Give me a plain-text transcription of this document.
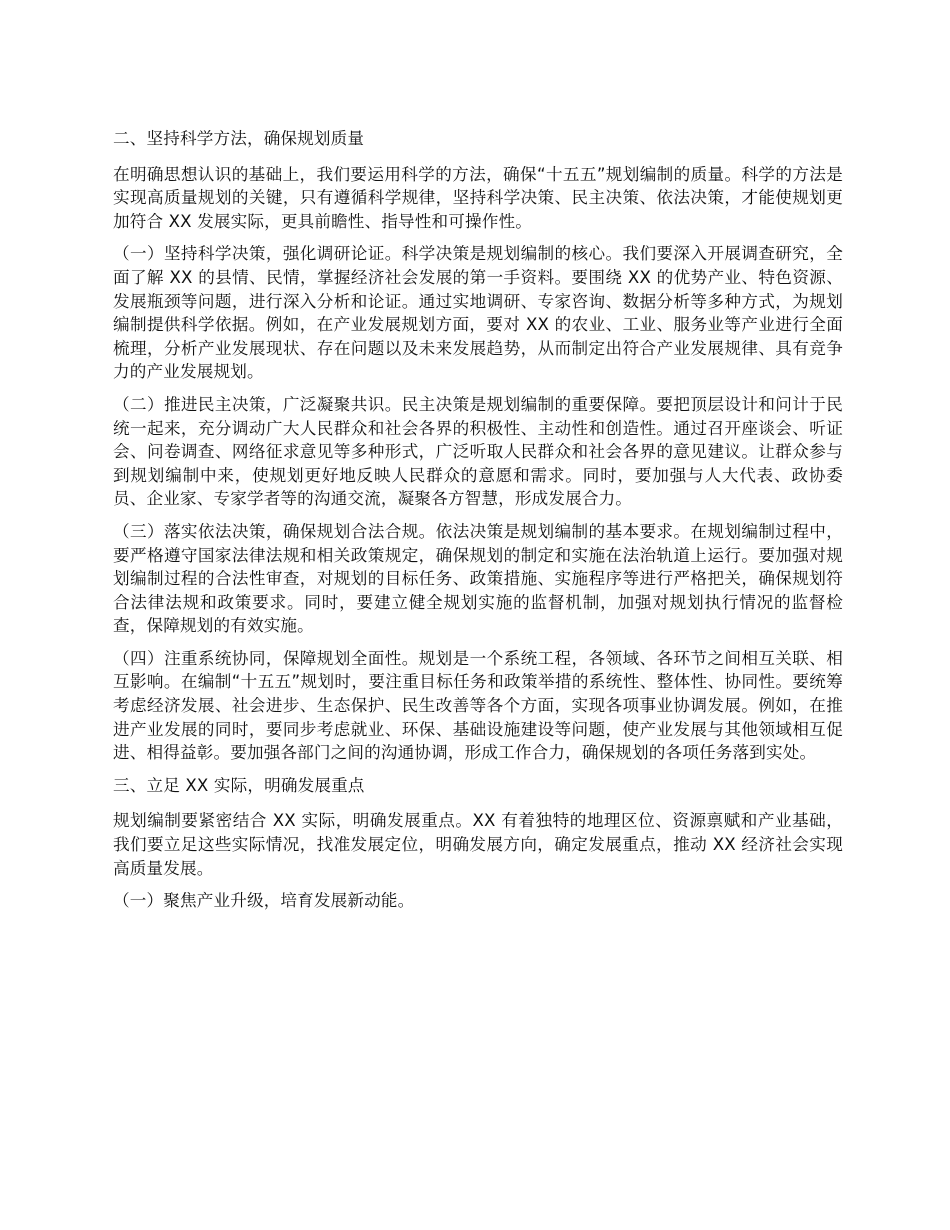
二、坚持科学方法，确保规划质量

在明确思想认识的基础上，我们要运用科学的方法，确保“十五五”规划编制的质量。科学的方法是实现高质量规划的关键，只有遵循科学规律，坚持科学决策、民主决策、依法决策，才能使规划更加符合 XX 发展实际，更具前瞻性、指导性和可操作性。

（一）坚持科学决策，强化调研论证。科学决策是规划编制的核心。我们要深入开展调查研究，全面了解 XX 的县情、民情，掌握经济社会发展的第一手资料。要围绕 XX 的优势产业、特色资源、发展瓶颈等问题，进行深入分析和论证。通过实地调研、专家咨询、数据分析等多种方式，为规划编制提供科学依据。例如，在产业发展规划方面，要对 XX 的农业、工业、服务业等产业进行全面梳理，分析产业发展现状、存在问题以及未来发展趋势，从而制定出符合产业发展规律、具有竞争力的产业发展规划。

（二）推进民主决策，广泛凝聚共识。民主决策是规划编制的重要保障。要把顶层设计和问计于民统一起来，充分调动广大人民群众和社会各界的积极性、主动性和创造性。通过召开座谈会、听证会、问卷调查、网络征求意见等多种形式，广泛听取人民群众和社会各界的意见建议。让群众参与到规划编制中来，使规划更好地反映人民群众的意愿和需求。同时，要加强与人大代表、政协委员、企业家、专家学者等的沟通交流，凝聚各方智慧，形成发展合力。

（三）落实依法决策，确保规划合法合规。依法决策是规划编制的基本要求。在规划编制过程中，要严格遵守国家法律法规和相关政策规定，确保规划的制定和实施在法治轨道上运行。要加强对规划编制过程的合法性审查，对规划的目标任务、政策措施、实施程序等进行严格把关，确保规划符合法律法规和政策要求。同时，要建立健全规划实施的监督机制，加强对规划执行情况的监督检查，保障规划的有效实施。

（四）注重系统协同，保障规划全面性。规划是一个系统工程，各领域、各环节之间相互关联、相互影响。在编制“十五五”规划时，要注重目标任务和政策举措的系统性、整体性、协同性。要统筹考虑经济发展、社会进步、生态保护、民生改善等各个方面，实现各项事业协调发展。例如，在推进产业发展的同时，要同步考虑就业、环保、基础设施建设等问题，使产业发展与其他领域相互促进、相得益彰。要加强各部门之间的沟通协调，形成工作合力，确保规划的各项任务落到实处。

三、立足 XX 实际，明确发展重点

规划编制要紧密结合 XX 实际，明确发展重点。XX 有着独特的地理区位、资源禀赋和产业基础，我们要立足这些实际情况，找准发展定位，明确发展方向，确定发展重点，推动 XX 经济社会实现高质量发展。

（一）聚焦产业升级，培育发展新动能。
